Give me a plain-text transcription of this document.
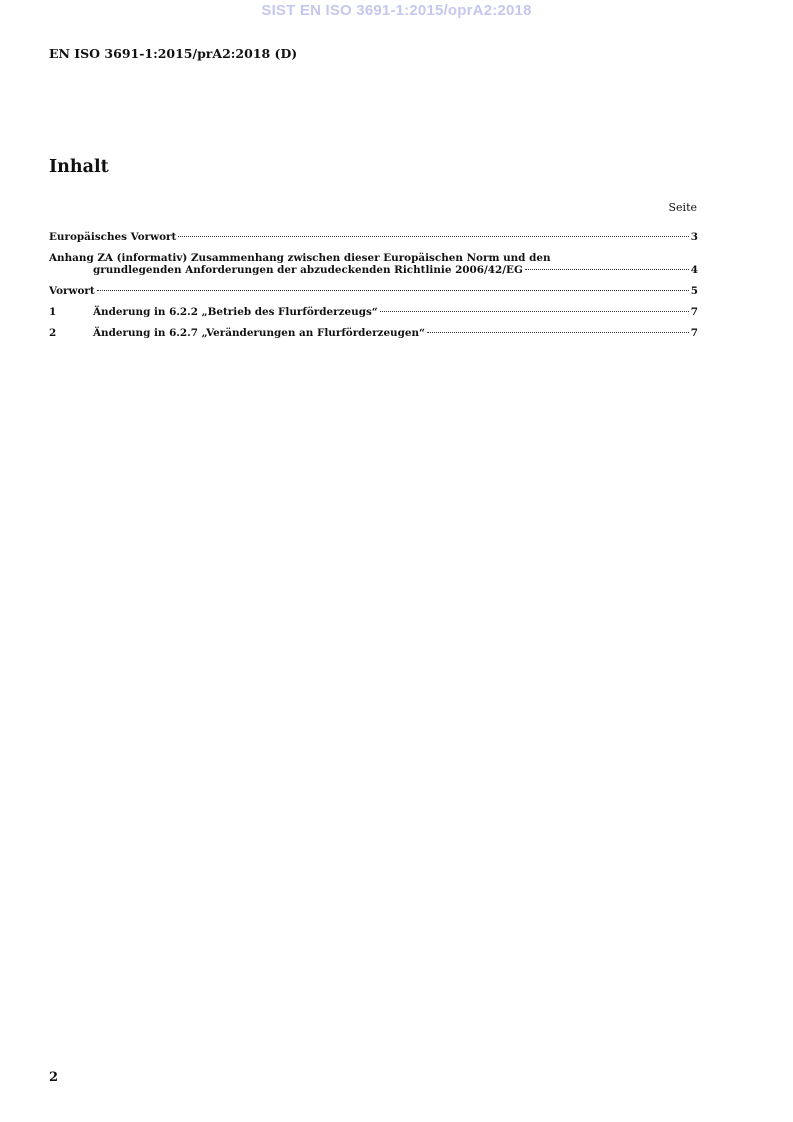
SIST EN ISO 3691-1:2015/oprA2:2018
EN ISO 3691-1:2015/prA2:2018 (D)
Inhalt
Seite
Europäisches Vorwort	3
Anhang ZA (informativ) Zusammenhang zwischen dieser Europäischen Norm und den
grundlegenden Anforderungen der abzudeckenden Richtlinie 2006/42/EG	4
Vorwort	5
1	Änderung in 6.2.2 „Betrieb des Flurförderzeugs“	7
2	Änderung in 6.2.7 „Veränderungen an Flurförderzeugen“	7
2
